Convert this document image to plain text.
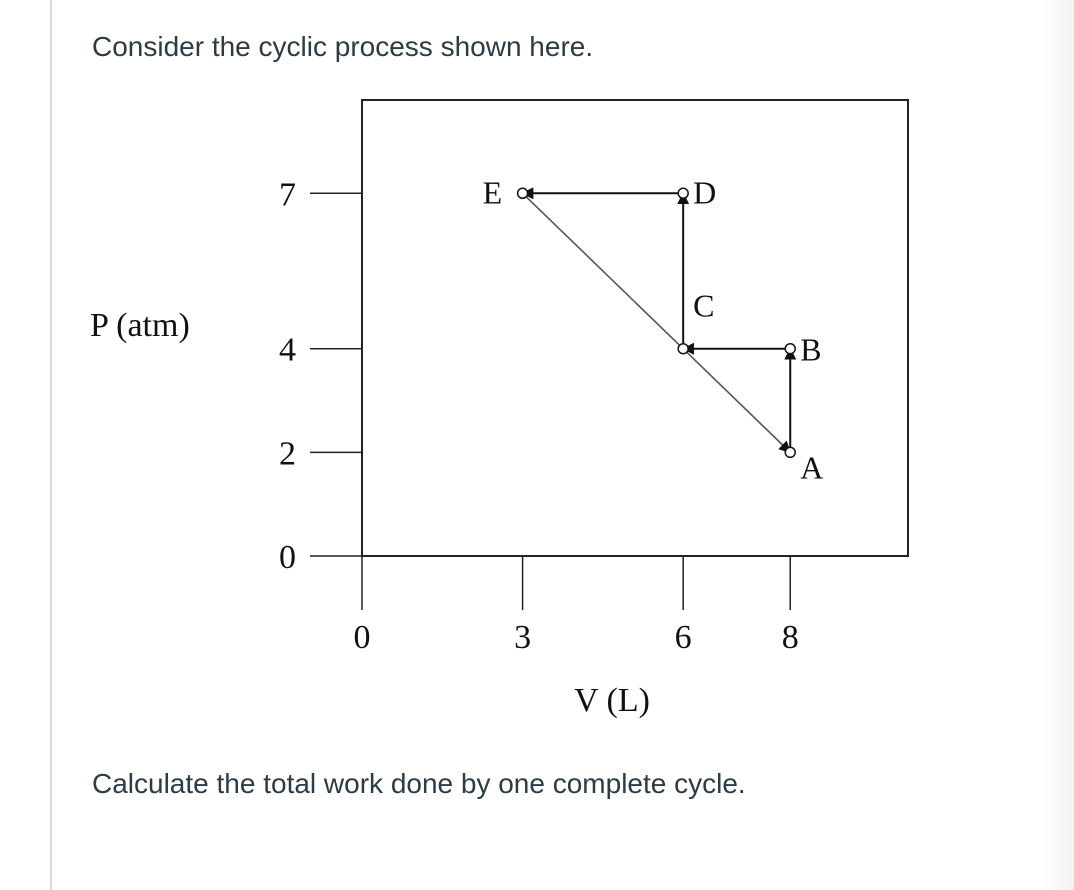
Consider the cyclic process shown here.

0
2
4
7
0	3	6	8
A
B
C
D
E
P (atm)
V (L)

Calculate the total work done by one complete cycle.
